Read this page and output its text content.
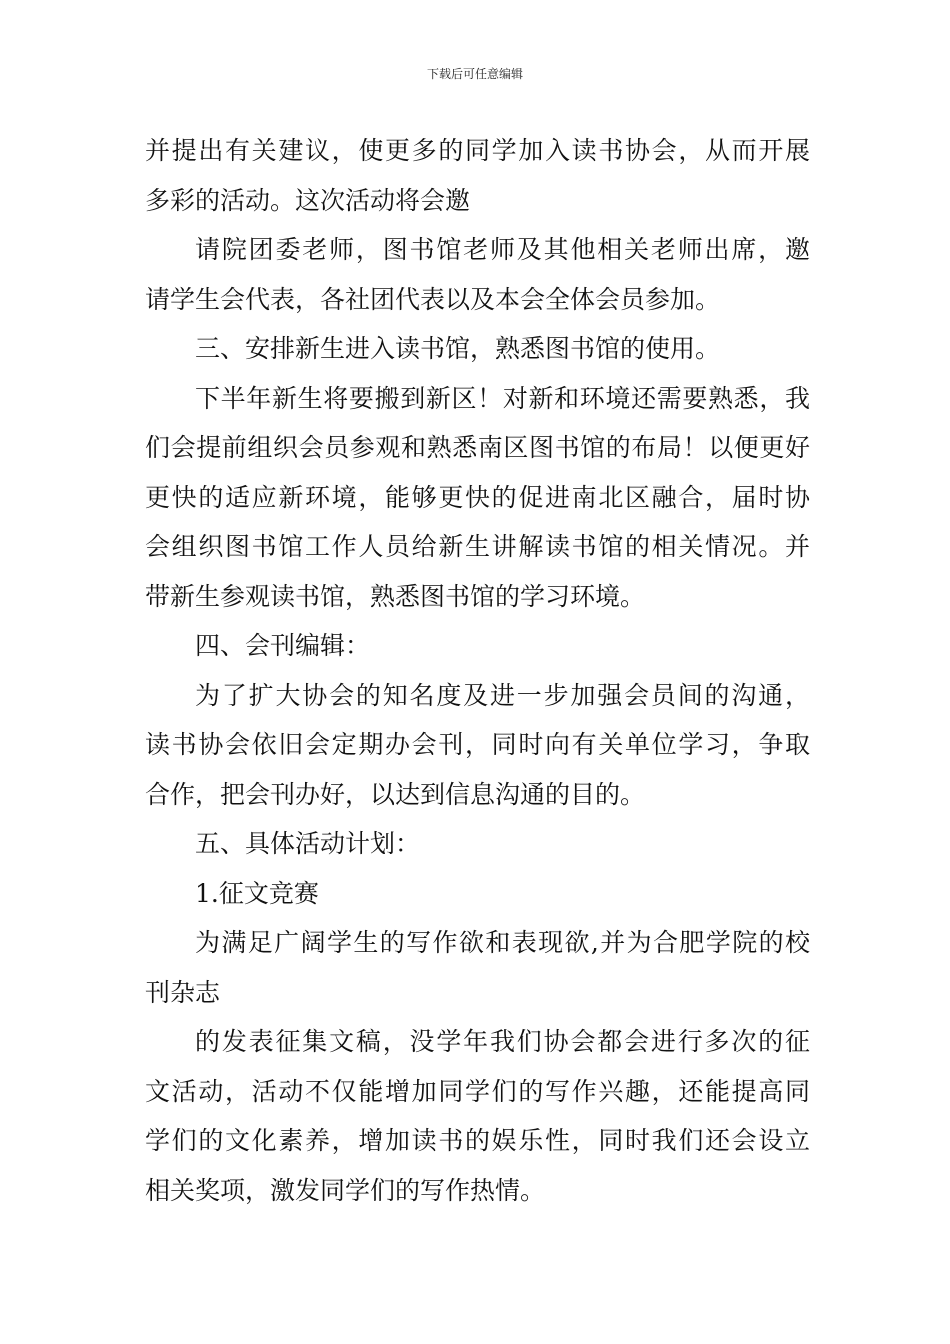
下载后可任意编辑
并提出有关建议，使更多的同学加入读书协会，从而开展
多彩的活动。这次活动将会邀
请院团委老师，图书馆老师及其他相关老师出席，邀
请学生会代表，各社团代表以及本会全体会员参加。
三、安排新生进入读书馆，熟悉图书馆的使用。
下半年新生将要搬到新区！对新和环境还需要熟悉，我
们会提前组织会员参观和熟悉南区图书馆的布局！以便更好
更快的适应新环境，能够更快的促进南北区融合，届时协
会组织图书馆工作人员给新生讲解读书馆的相关情况。并
带新生参观读书馆，熟悉图书馆的学习环境。
四、会刊编辑：
为了扩大协会的知名度及进一步加强会员间的沟通，
读书协会依旧会定期办会刊，同时向有关单位学习，争取
合作，把会刊办好，以达到信息沟通的目的。
五、具体活动计划：
1.征文竞赛
为满足广阔学生的写作欲和表现欲,并为合肥学院的校
刊杂志
的发表征集文稿，没学年我们协会都会进行多次的征
文活动，活动不仅能增加同学们的写作兴趣，还能提高同
学们的文化素养，增加读书的娱乐性，同时我们还会设立
相关奖项，激发同学们的写作热情。
